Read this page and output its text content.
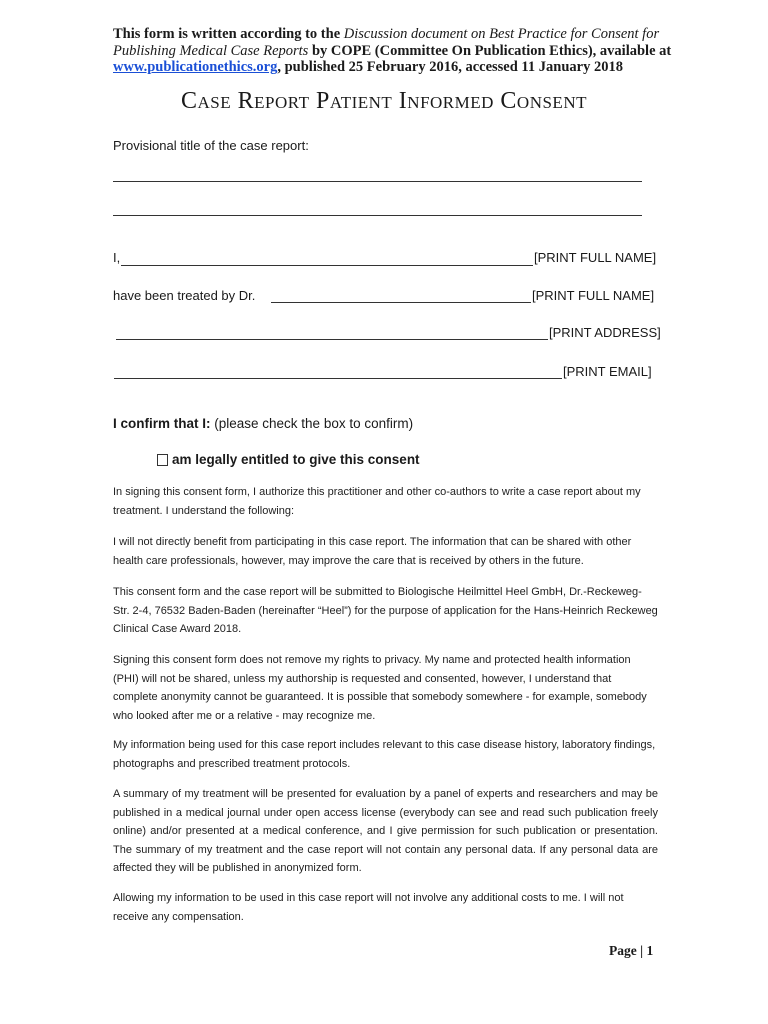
This form is written according to the Discussion document on Best Practice for Consent for Publishing Medical Case Reports by COPE (Committee On Publication Ethics), available at
www.publicationethics.org, published 25 February 2016, accessed 11 January 2018
Case Report Patient Informed Consent
Provisional title of the case report:
I,	[PRINT FULL NAME]
have been treated by Dr.	[PRINT FULL NAME]
[PRINT ADDRESS]
[PRINT EMAIL]
I confirm that I: (please check the box to confirm)
am legally entitled to give this consent
In signing this consent form, I authorize this practitioner and other co-authors to write a case report about my treatment. I understand the following:
I will not directly benefit from participating in this case report. The information that can be shared with other health care professionals, however, may improve the care that is received by others in the future.
This consent form and the case report will be submitted to Biologische Heilmittel Heel GmbH, Dr.-Reckeweg-Str. 2-4, 76532 Baden-Baden (hereinafter “Heel”) for the purpose of application for the Hans-Heinrich Reckeweg Clinical Case Award 2018.
Signing this consent form does not remove my rights to privacy. My name and protected health information (PHI) will not be shared, unless my authorship is requested and consented, however, I understand that complete anonymity cannot be guaranteed. It is possible that somebody somewhere - for example, somebody who looked after me or a relative - may recognize me.
My information being used for this case report includes relevant to this case disease history, laboratory findings, photographs and prescribed treatment protocols.
A summary of my treatment will be presented for evaluation by a panel of experts and researchers and may be published in a medical journal under open access license (everybody can see and read such publication freely online) and/or presented at a medical conference, and I give permission for such publication or presentation. The summary of my treatment and the case report will not contain any personal data. If any personal data are affected they will be published in anonymized form.
Allowing my information to be used in this case report will not involve any additional costs to me. I will not receive any compensation.
Page | 1
